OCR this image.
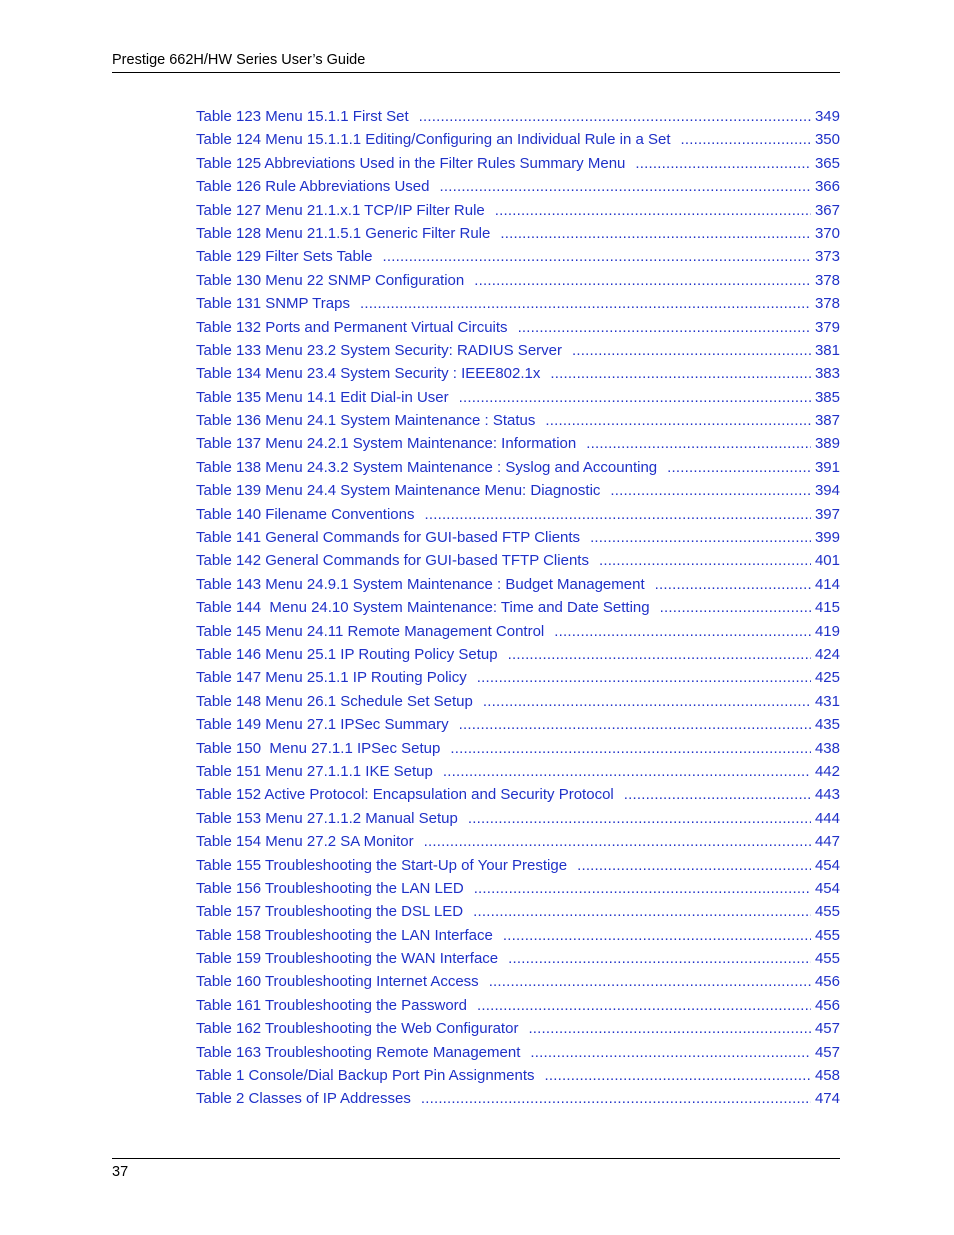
Prestige 662H/HW Series User’s Guide
Table 123 Menu 15.1.1 First Set .....	349
Table 124 Menu 15.1.1.1 Editing/Configuring an Individual Rule in a Set .....	350
Table 125 Abbreviations Used in the Filter Rules Summary Menu .....	365
Table 126 Rule Abbreviations Used .....	366
Table 127 Menu 21.1.x.1 TCP/IP Filter Rule .....	367
Table 128 Menu 21.1.5.1 Generic Filter Rule .....	370
Table 129 Filter Sets Table .....	373
Table 130 Menu 22 SNMP Configuration .....	378
Table 131 SNMP Traps .....	378
Table 132 Ports and Permanent Virtual Circuits .....	379
Table 133 Menu 23.2 System Security: RADIUS Server .....	381
Table 134 Menu 23.4 System Security : IEEE802.1x .....	383
Table 135 Menu 14.1 Edit Dial-in User .....	385
Table 136 Menu 24.1 System Maintenance : Status .....	387
Table 137 Menu 24.2.1 System Maintenance: Information .....	389
Table 138 Menu 24.3.2 System Maintenance : Syslog and Accounting .....	391
Table 139 Menu 24.4 System Maintenance Menu: Diagnostic .....	394
Table 140 Filename Conventions .....	397
Table 141 General Commands for GUI-based FTP Clients .....	399
Table 142 General Commands for GUI-based TFTP Clients .....	401
Table 143 Menu 24.9.1 System Maintenance : Budget Management .....	414
Table 144  Menu 24.10 System Maintenance: Time and Date Setting .....	415
Table 145 Menu 24.11 Remote Management Control .....	419
Table 146 Menu 25.1 IP Routing Policy Setup .....	424
Table 147 Menu 25.1.1 IP Routing Policy .....	425
Table 148 Menu 26.1 Schedule Set Setup .....	431
Table 149 Menu 27.1 IPSec Summary .....	435
Table 150  Menu 27.1.1 IPSec Setup .....	438
Table 151 Menu 27.1.1.1 IKE Setup .....	442
Table 152 Active Protocol: Encapsulation and Security Protocol .....	443
Table 153 Menu 27.1.1.2 Manual Setup .....	444
Table 154 Menu 27.2 SA Monitor .....	447
Table 155 Troubleshooting the Start-Up of Your Prestige .....	454
Table 156 Troubleshooting the LAN LED .....	454
Table 157 Troubleshooting the DSL LED .....	455
Table 158 Troubleshooting the LAN Interface .....	455
Table 159 Troubleshooting the WAN Interface .....	455
Table 160 Troubleshooting Internet Access .....	456
Table 161 Troubleshooting the Password .....	456
Table 162 Troubleshooting the Web Configurator .....	457
Table 163 Troubleshooting Remote Management .....	457
Table 1 Console/Dial Backup Port Pin Assignments .....	458
Table 2 Classes of IP Addresses .....	474
37
